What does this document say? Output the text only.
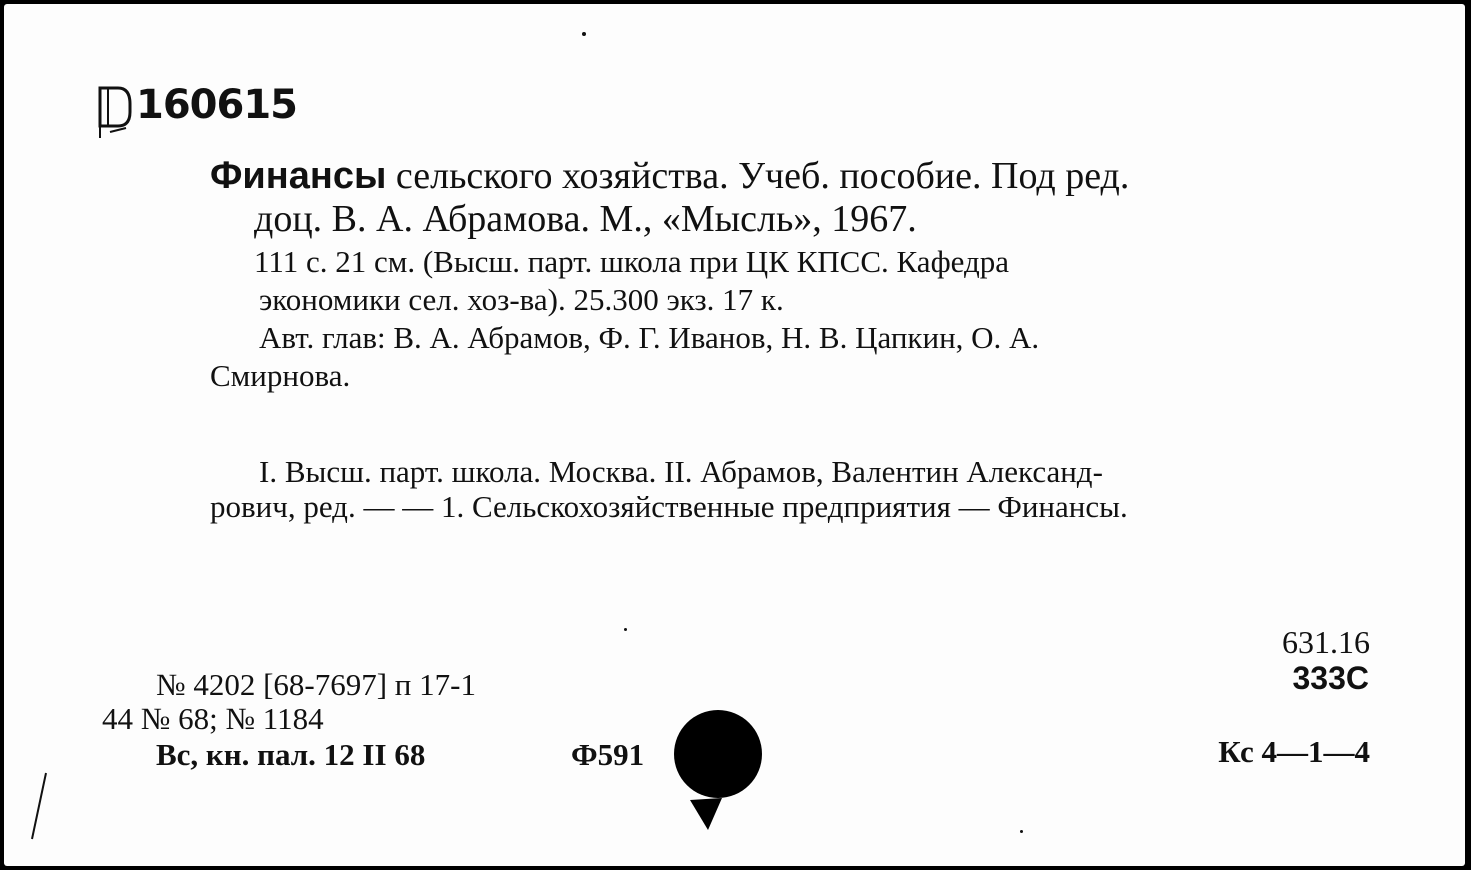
160615
Финансы сельского хозяйства. Учеб. пособие. Под ред.
доц. В. А. Абрамова. М., «Мысль», 1967.
111 с. 21 см. (Высш. парт. школа при ЦК КПСС. Кафедра
экономики сел. хоз-ва). 25.300 экз. 17 к.
Авт. глав: В. А. Абрамов, Ф. Г. Иванов, Н. В. Цапкин, О. А.
Смирнова.
I. Высш. парт. школа. Москва. II. Абрамов, Валентин Александ-
рович, ред. — — 1. Сельскохозяйственные предприятия — Финансы.
631.16
333С
№ 4202 [68-7697] п 17-1
44 № 68; № 1184
Вс, кн. пал. 12 II 68	Ф591	Кс 4—1—4
